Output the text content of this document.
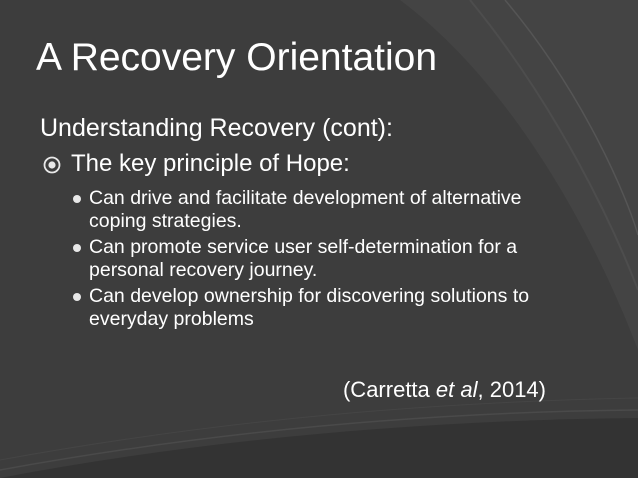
A Recovery Orientation
Understanding Recovery (cont):
The key principle of Hope:
Can drive and facilitate development of alternative coping strategies.
Can promote service user self-determination for a personal recovery journey.
Can develop ownership for discovering solutions to everyday problems
(Carretta et al, 2014)
